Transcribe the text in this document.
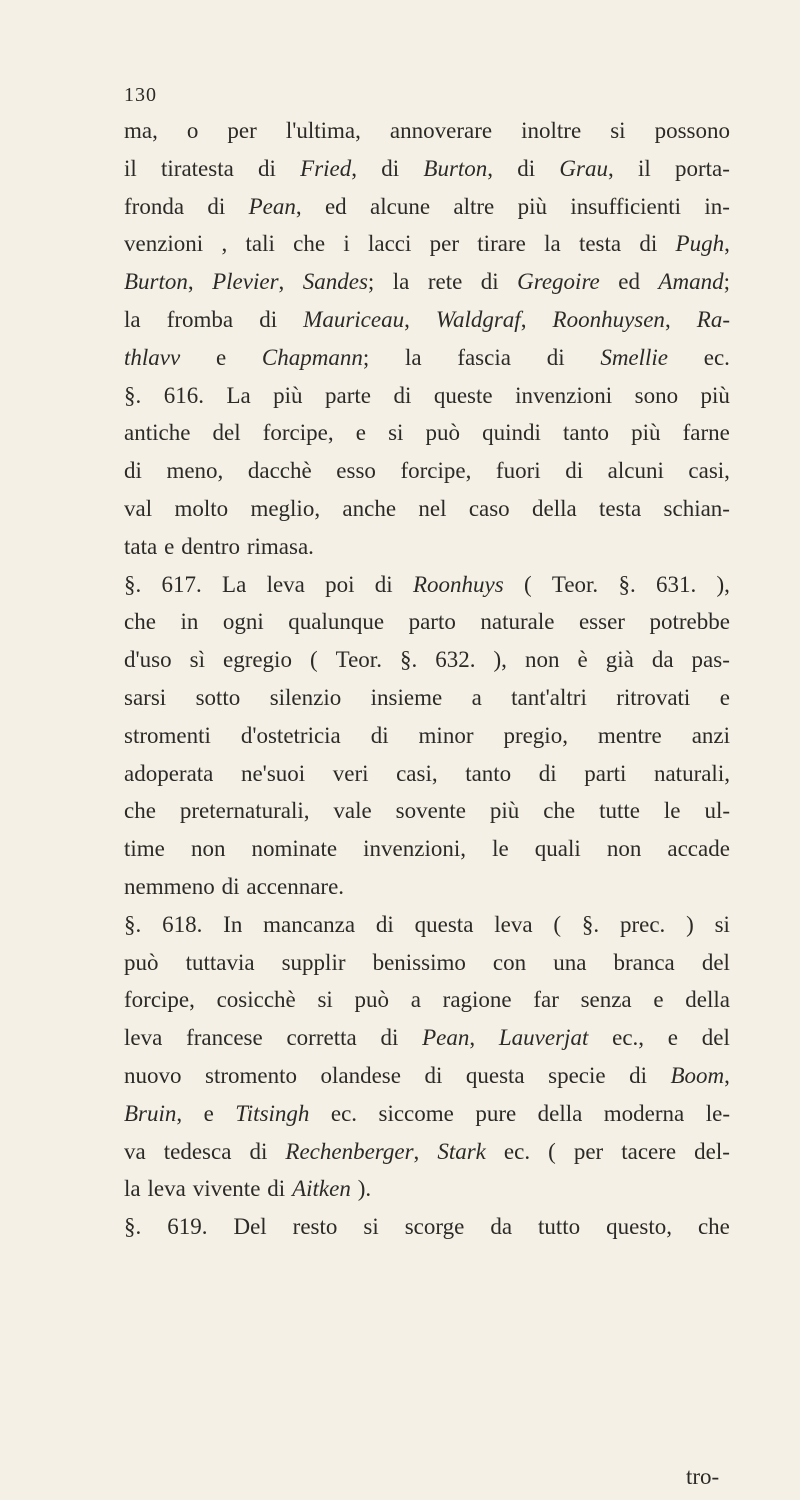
130
ma, o per l'ultima, annoverare inoltre si possono
il tiratesta di Fried, di Burton, di Grau, il porta-
fronda di Pean, ed alcune altre più insufficienti in-
venzioni , tali che i lacci per tirare la testa di Pugh,
Burton, Plevier, Sandes; la rete di Gregoire ed Amand;
la fromba di Mauriceau, Waldgraf, Roonhuysen, Ra-
thlavv e Chapmann; la fascia di Smellie ec.
§. 616. La più parte di queste invenzioni sono più
antiche del forcipe, e si può quindi tanto più farne
di meno, dacchè esso forcipe, fuori di alcuni casi,
val molto meglio, anche nel caso della testa schian-
tata e dentro rimasa.
§. 617. La leva poi di Roonhuys ( Teor. §. 631. ),
che in ogni qualunque parto naturale esser potrebbe
d'uso sì egregio ( Teor. §. 632. ), non è già da pas-
sarsi sotto silenzio insieme a tant'altri ritrovati e
stromenti d'ostetricia di minor pregio, mentre anzi
adoperata ne'suoi veri casi, tanto di parti naturali,
che preternaturali, vale sovente più che tutte le ul-
time non nominate invenzioni, le quali non accade
nemmeno di accennare.
§. 618. In mancanza di questa leva ( §. prec. ) si
può tuttavia supplir benissimo con una branca del
forcipe, cosicchè si può a ragione far senza e della
leva francese corretta di Pean, Lauverjat ec., e del
nuovo stromento olandese di questa specie di Boom,
Bruin, e Titsingh ec. siccome pure della moderna le-
va tedesca di Rechenberger, Stark ec. ( per tacere del-
la leva vivente di Aitken ).
§. 619. Del resto si scorge da tutto questo, che
tro-
